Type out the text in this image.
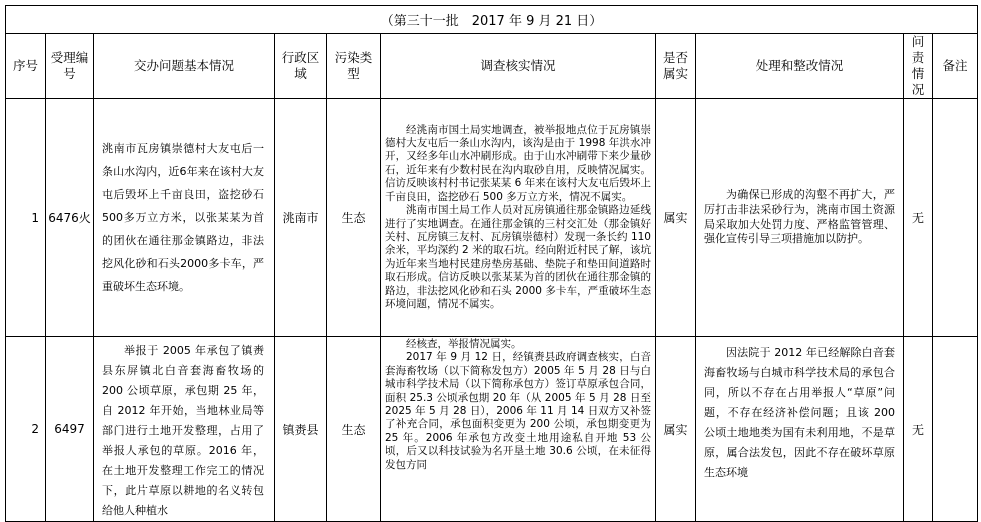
（第三十一批　2017 年 9 月 21 日）									
序号	受理编号	交办问题基本情况	行政区域	污染类型	调查核实情况	是否属实	处理和整改情况	问责情况	备注
1	6476火	洮南市瓦房镇崇德村大友屯后一条山水沟内，近6年来在该村大友屯后毁坏上千亩良田，盗挖砂石500多万立方米，以张某某为首的团伙在通往那金镇路边，非法挖风化砂和石头2000多卡车，严重破坏生态环境。	洮南市	生态	经洮南市国土局实地调查，被举报地点位于瓦房镇崇德村大友屯后一条山水沟内，该沟是由于 1998 年洪水冲开，又经多年山水冲刷形成。由于山水冲刷带下来少量砂石，近年来有少数村民在沟内取砂自用，反映情况属实。信访反映该村村书记张某某 6 年来在该村大友屯后毁坏上千亩良田，盗挖砂石 500 多万立方米，情况不属实。
洮南市国土局工作人员对瓦房镇通往那金镇路边延线进行了实地调查。在通往那金镇的三村交汇处（那金镇好关村、瓦房镇三友村、瓦房镇崇德村）发现一条长约 110 余米，平均深约 2 米的取石坑。经向附近村民了解，该坑为近年来当地村民建房垫房基础、垫院子和垫田间道路时取石形成。信访反映以张某某为首的团伙在通往那金镇的路边，非法挖风化砂和石头 2000 多卡车，严重破坏生态环境问题，情况不属实。	属实	为确保已形成的沟壑不再扩大，严厉打击非法采砂行为，洮南市国土资源局采取加大处罚力度、严格监管管理、强化宣传引导三项措施加以防护。	无	
2	6497	举报于 2005 年承包了镇赉县东屏镇北白音套海畜牧场的 200 公顷草原，承包期 25 年，自 2012 年开始，当地林业局等部门进行土地开发整理，占用了举报人承包的草原。2016 年，在土地开发整理工作完工的情况下，此片草原以耕地的名义转包给他人种植水	镇赉县	生态	经核查，举报情况属实。
2017 年 9 月 12 日，经镇赉县政府调查核实，白音套海畜牧场（以下简称发包方）2005 年 5 月 28 日与白城市科学技术局（以下简称承包方）签订草原承包合同，面积 25.3 公顷承包期 20 年（从 2005 年 5 月 28 日至 2025 年 5 月 28 日），2006 年 11 月 14 日双方又补签了补充合同，承包面积变更为 200 公顷，承包期变更为 25 年。2006 年承包方改变土地用途私自开地 53 公顷，后又以科技试验为名开垦土地 30.6 公顷，在未征得发包方同	属实	因法院于 2012 年已经解除白音套海畜牧场与白城市科学技术局的承包合同，所以不存在占用举报人“草原”问题，不存在经济补偿问题；且该 200 公顷土地地类为国有未利用地，不是草原，属合法发包，因此不存在破坏草原生态环境	无	
